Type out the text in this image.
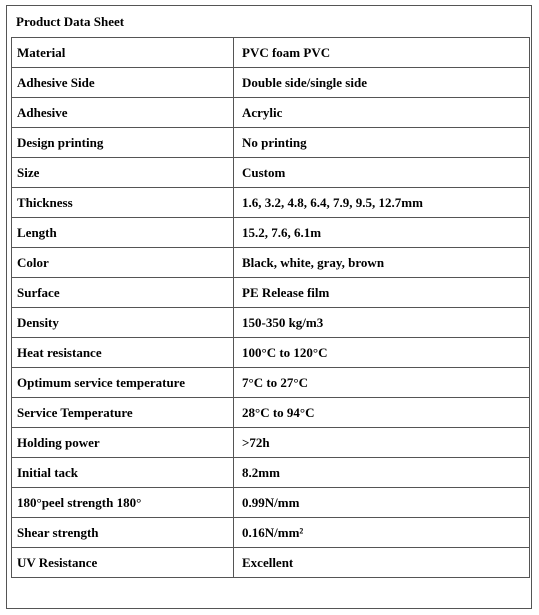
Product Data Sheet
Material	PVC foam PVC
Adhesive Side	Double side/single side
Adhesive	Acrylic
Design printing	No printing
Size	Custom
Thickness	1.6, 3.2, 4.8, 6.4, 7.9, 9.5, 12.7mm
Length	15.2, 7.6, 6.1m
Color	Black, white, gray, brown
Surface	PE Release film
Density	150-350 kg/m3
Heat resistance	100°C to 120°C
Optimum service temperature	7°C to 27°C
Service Temperature	28°C to 94°C
Holding power	>72h
Initial tack	8.2mm
180°peel strength 180°	0.99N/mm
Shear strength	0.16N/mm²
UV Resistance	Excellent
